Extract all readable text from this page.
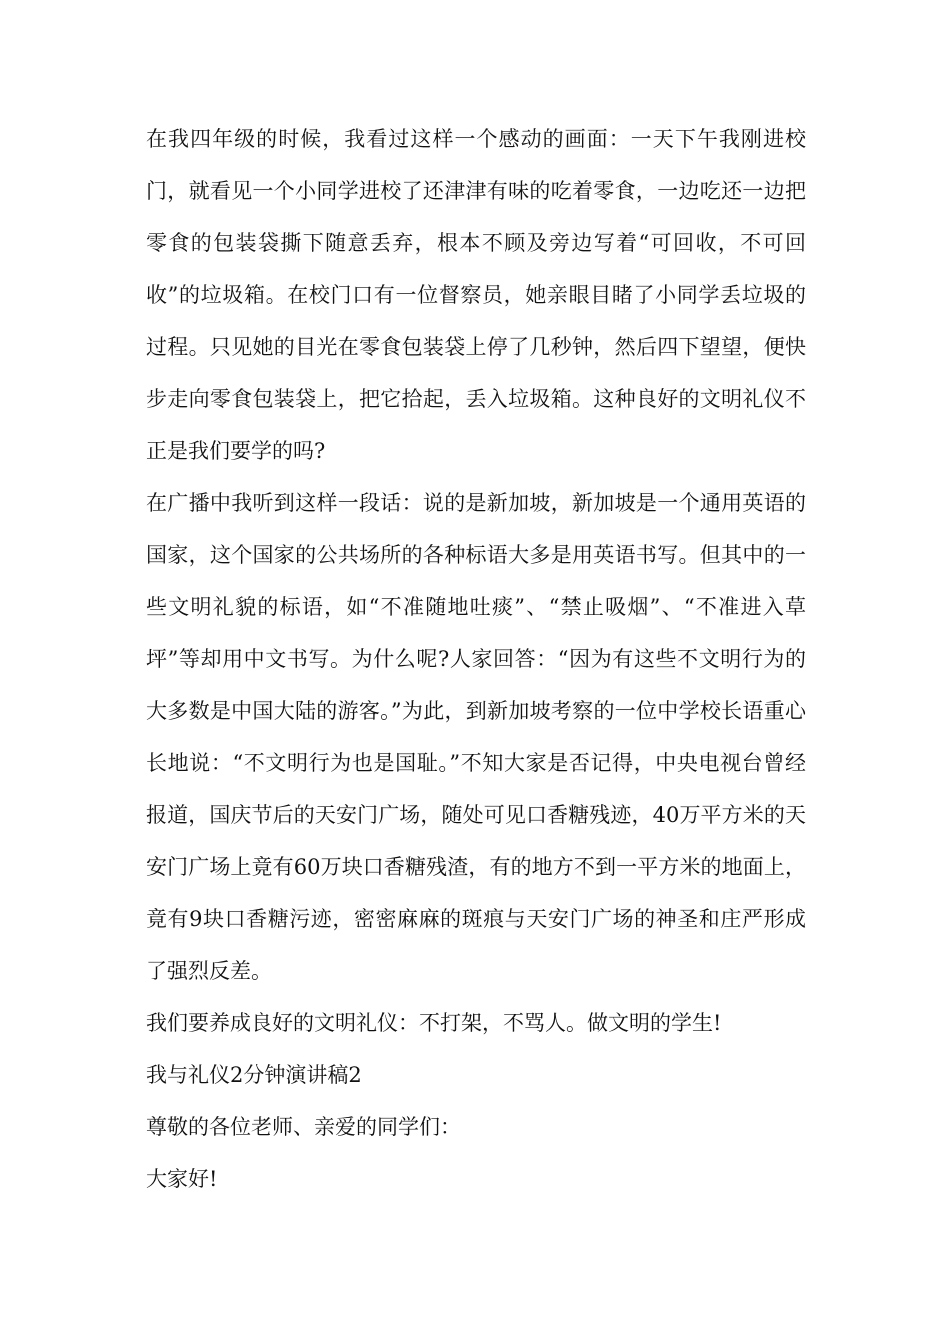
在我四年级的时候，我看过这样一个感动的画面：一天下午我刚进校门，就看见一个小同学进校了还津津有味的吃着零食，一边吃还一边把零食的包装袋撕下随意丢弃，根本不顾及旁边写着“可回收，不可回收”的垃圾箱。在校门口有一位督察员，她亲眼目睹了小同学丢垃圾的过程。只见她的目光在零食包装袋上停了几秒钟，然后四下望望，便快步走向零食包装袋上，把它拾起，丢入垃圾箱。这种良好的文明礼仪不正是我们要学的吗?

在广播中我听到这样一段话：说的是新加坡，新加坡是一个通用英语的国家，这个国家的公共场所的各种标语大多是用英语书写。但其中的一些文明礼貌的标语，如“不准随地吐痰”、“禁止吸烟”、“不准进入草坪”等却用中文书写。为什么呢?人家回答：“因为有这些不文明行为的大多数是中国大陆的游客。”为此，到新加坡考察的一位中学校长语重心长地说：“不文明行为也是国耻。”不知大家是否记得，中央电视台曾经报道，国庆节后的天安门广场，随处可见口香糖残迹，40万平方米的天安门广场上竟有60万块口香糖残渣，有的地方不到一平方米的地面上，竟有9块口香糖污迹，密密麻麻的斑痕与天安门广场的神圣和庄严形成了强烈反差。

我们要养成良好的文明礼仪：不打架，不骂人。做文明的学生!

我与礼仪2分钟演讲稿2

尊敬的各位老师、亲爱的同学们：

大家好!
